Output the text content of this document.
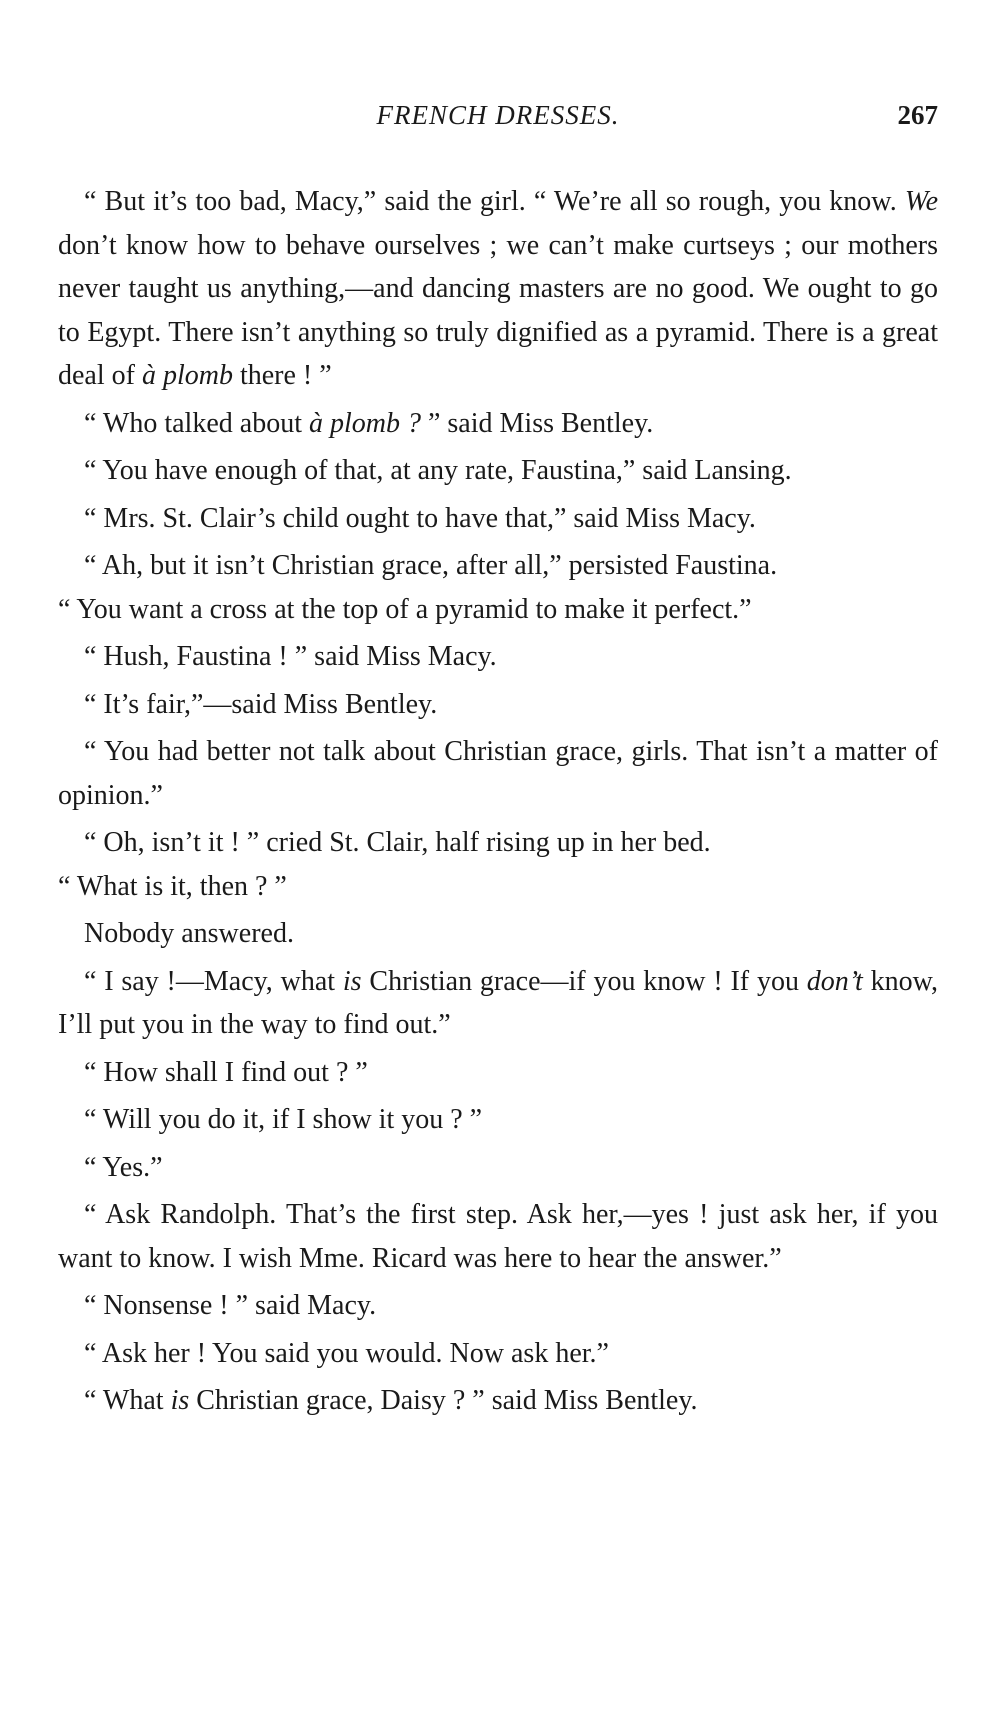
FRENCH DRESSES.	267

“ But it’s too bad, Macy,” said the girl. “ We’re all so rough, you know. We don’t know how to behave ourselves ; we can’t make curtseys ; our mothers never taught us anything,—and dancing masters are no good. We ought to go to Egypt. There isn’t anything so truly dignified as a pyramid. There is a great deal of à plomb there ! ”

“ Who talked about à plomb ? ” said Miss Bentley.

“ You have enough of that, at any rate, Faustina,” said Lansing.

“ Mrs. St. Clair’s child ought to have that,” said Miss Macy.

“ Ah, but it isn’t Christian grace, after all,” persisted Faustina.

“ You want a cross at the top of a pyramid to make it perfect.”

“ Hush, Faustina ! ” said Miss Macy.

“ It’s fair,”—said Miss Bentley.

“ You had better not talk about Christian grace, girls. That isn’t a matter of opinion.”

“ Oh, isn’t it ! ” cried St. Clair, half rising up in her bed.

“ What is it, then ? ”

Nobody answered.

“ I say !—Macy, what is Christian grace—if you know ! If you don’t know, I’ll put you in the way to find out.”

“ How shall I find out ? ”

“ Will you do it, if I show it you ? ”

“ Yes.”

“ Ask Randolph. That’s the first step. Ask her,—yes ! just ask her, if you want to know. I wish Mme. Ricard was here to hear the answer.”

“ Nonsense ! ” said Macy.

“ Ask her ! You said you would. Now ask her.”

“ What is Christian grace, Daisy ? ” said Miss Bentley.
